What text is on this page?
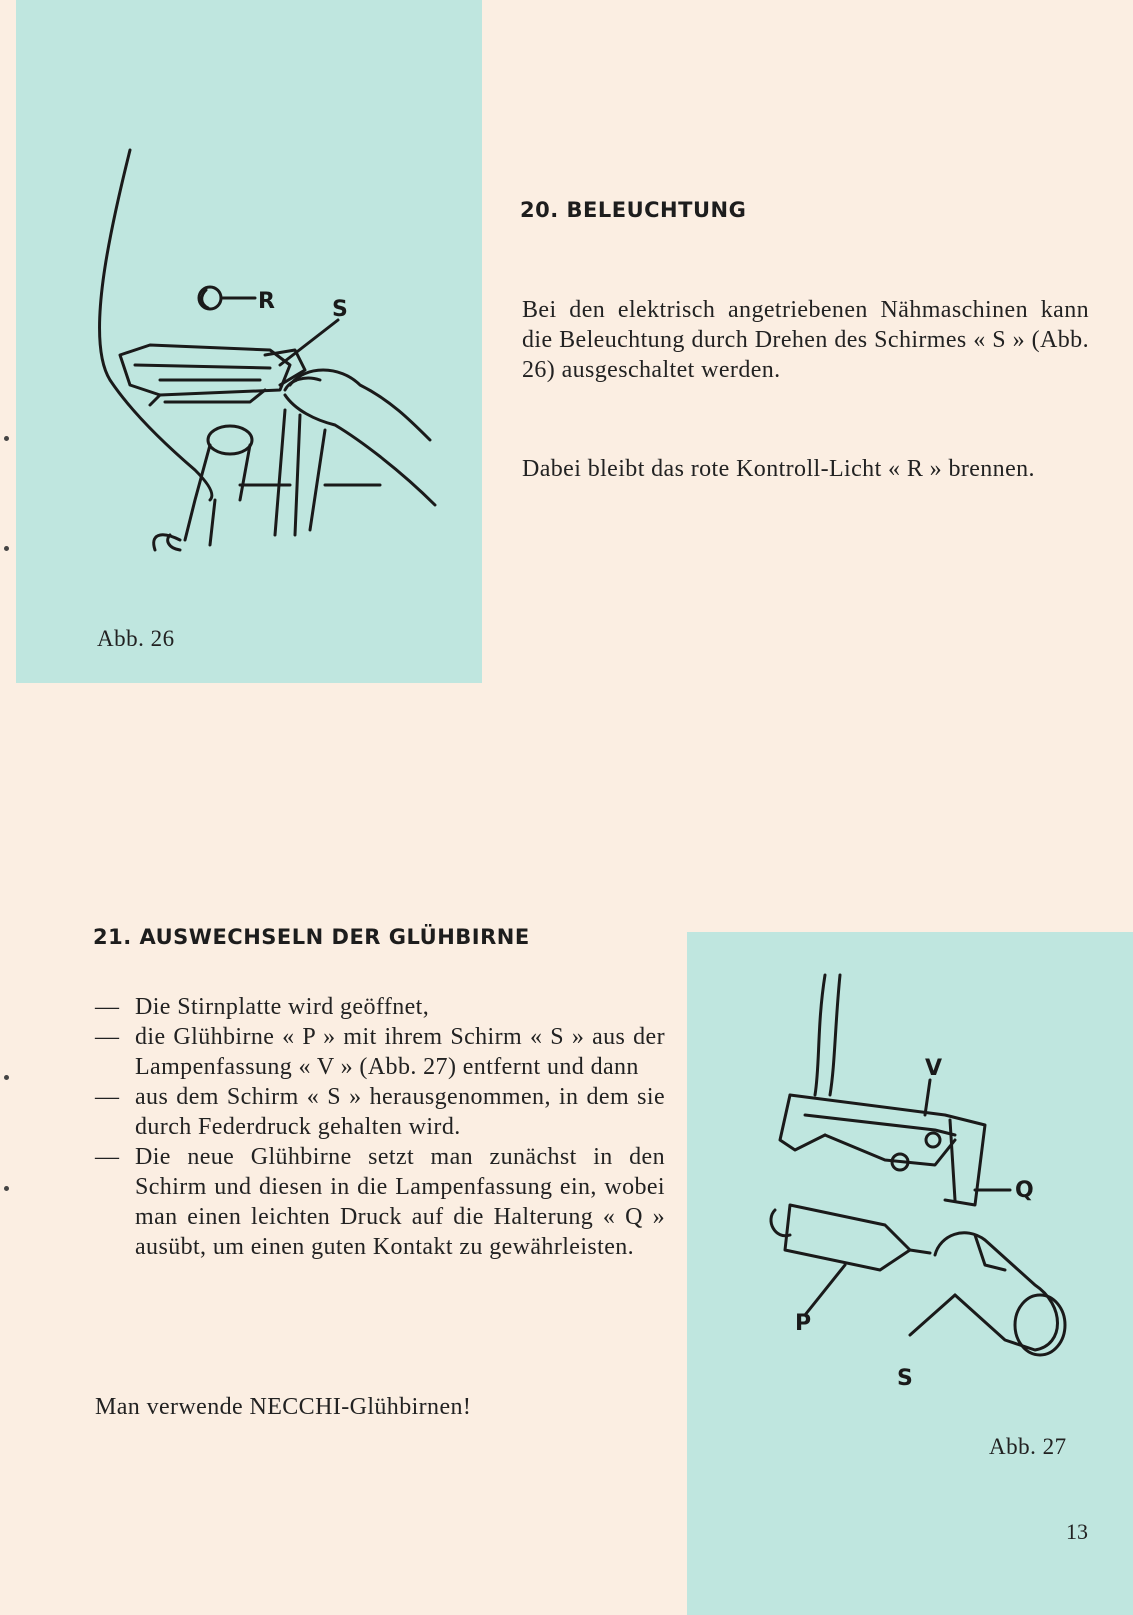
R	S
Abb. 26
20. BELEUCHTUNG
Bei den elektrisch angetriebenen Nähmaschinen kann die Beleuchtung durch Drehen des Schirmes « S » (Abb. 26) ausgeschaltet werden.
Dabei bleibt das rote Kontroll-Licht « R » brennen.
21. AUSWECHSELN DER GLÜHBIRNE
— Die Stirnplatte wird geöffnet,
— die Glühbirne « P » mit ihrem Schirm « S » aus der Lampenfassung « V » (Abb. 27) entfernt und dann
— aus dem Schirm « S » herausgenommen, in dem sie durch Federdruck gehalten wird.
— Die neue Glühbirne setzt man zunächst in den Schirm und diesen in die Lampenfassung ein, wobei man einen leichten Druck auf die Halterung « Q » ausübt, um einen guten Kontakt zu gewährleisten.
Man verwende NECCHI-Glühbirnen!
V
Q
P
S
Abb. 27
13
